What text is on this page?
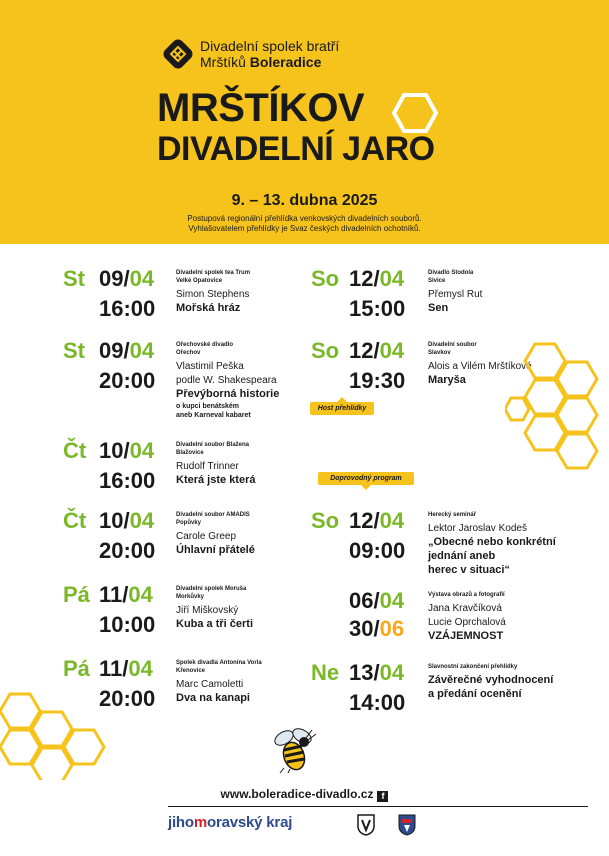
Divadelní spolek bratří
Mrštíků Boleradice
MRŠTÍKOV
DIVADELNÍ JARO
9. – 13. dubna 2025
Postupová regionální přehlídka venkovských divadelních souborů.
Vyhlašovatelem přehlídky je Svaz českých divadelních ochotníků.
St 09/04
16:00
Divadelní spolek tea Trum
Velké Opatovice
Simon Stephens
Mořská hráz
St 09/04
20:00
Ořechovské divadlo
Ořechov
Vlastimil Peška
podle W. Shakespeara
Převýborná historie
o kupci benátském
aneb Karneval kabaret
Čt 10/04
16:00
Divadelní soubor Blažena
Blažovice
Rudolf Trinner
Která jste která
Čt 10/04
20:00
Divadelní soubor AMADIS
Popůvky
Carole Greep
Úhlavní přátelé
Pá 11/04
10:00
Divadelní spolek Moruša
Morkůvky
Jiří Miškovský
Kuba a tři čerti
Pá 11/04
20:00
Spolek divadla Antonína Vorla
Křenovice
Marc Camoletti
Dva na kanapi
So 12/04
15:00
Divadlo Stodola
Sivice
Přemysl Rut
Sen
So 12/04
19:30
Divadelní soubor
Slavkov
Alois a Vilém Mrštíkové
Maryša
So 12/04
09:00
Herecký seminář
Lektor Jaroslav Kodeš
„Obecné nebo konkrétní
jednání aneb
herec v situaci“
06/04
30/06
Výstava obrazů a fotografií
Jana Kravčíková
Lucie Oprchalová
VZÁJEMNOST
Ne 13/04
14:00
Slavnostní zakončení přehlídky
Závěrečné vyhodnocení
a předání ocenění
Host přehlídky
Doprovodný program
www.boleradice-divadlo.cz f
jihomoravský kraj
